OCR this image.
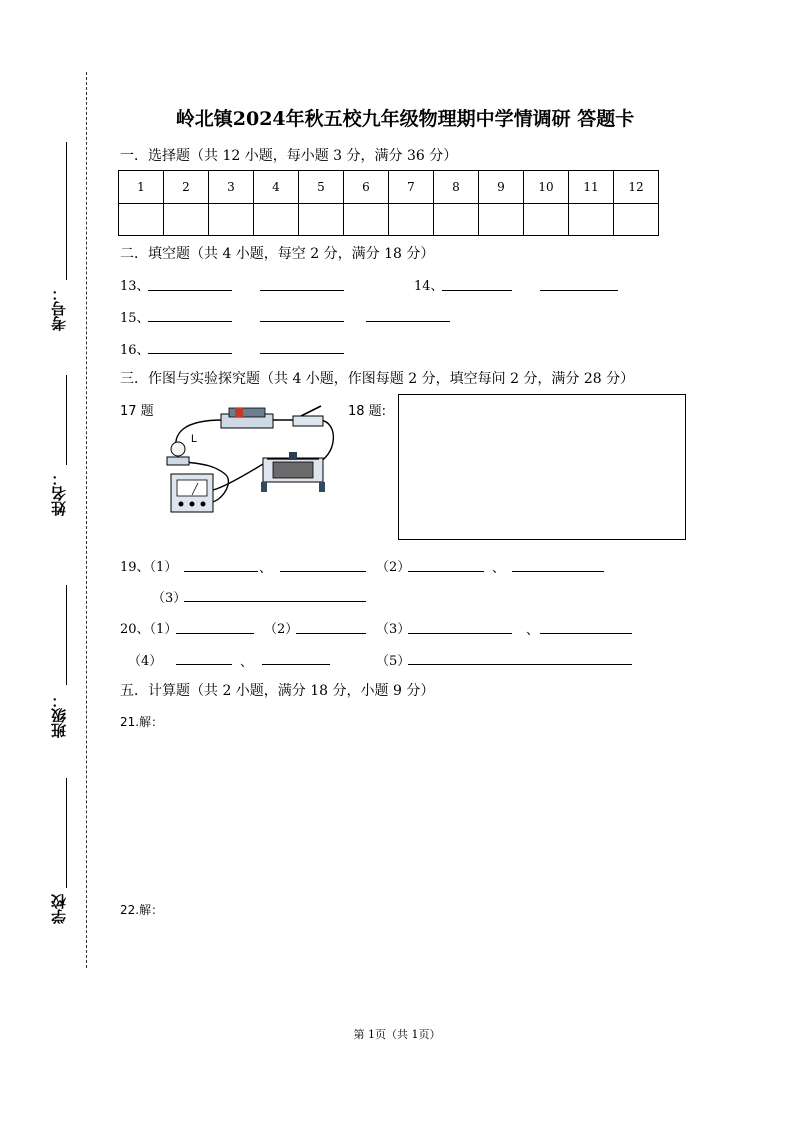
考号：
姓名：
班级：
学校
岭北镇2024年秋五校九年级物理期中学情调研 答题卡
一．选择题（共 12 小题，每小题 3 分，满分 36 分）
1	2	3	4	5	6	7	8	9	10	11	12

二．填空题（共 4 小题，每空 2 分，满分 18 分）
13、	14、
15、
16、
三．作图与实验探究题（共 4 小题，作图每题 2 分，填空每问 2 分，满分 28 分）
17 题
L
18 题:
19、（1）	、	（2）	、
（3）
20、（1）	（2）	（3）	、
（4）	、	（5）
五．计算题（共 2 小题，满分 18 分，小题 9 分）
21.解：
22.解：
第 1页（共 1页）
